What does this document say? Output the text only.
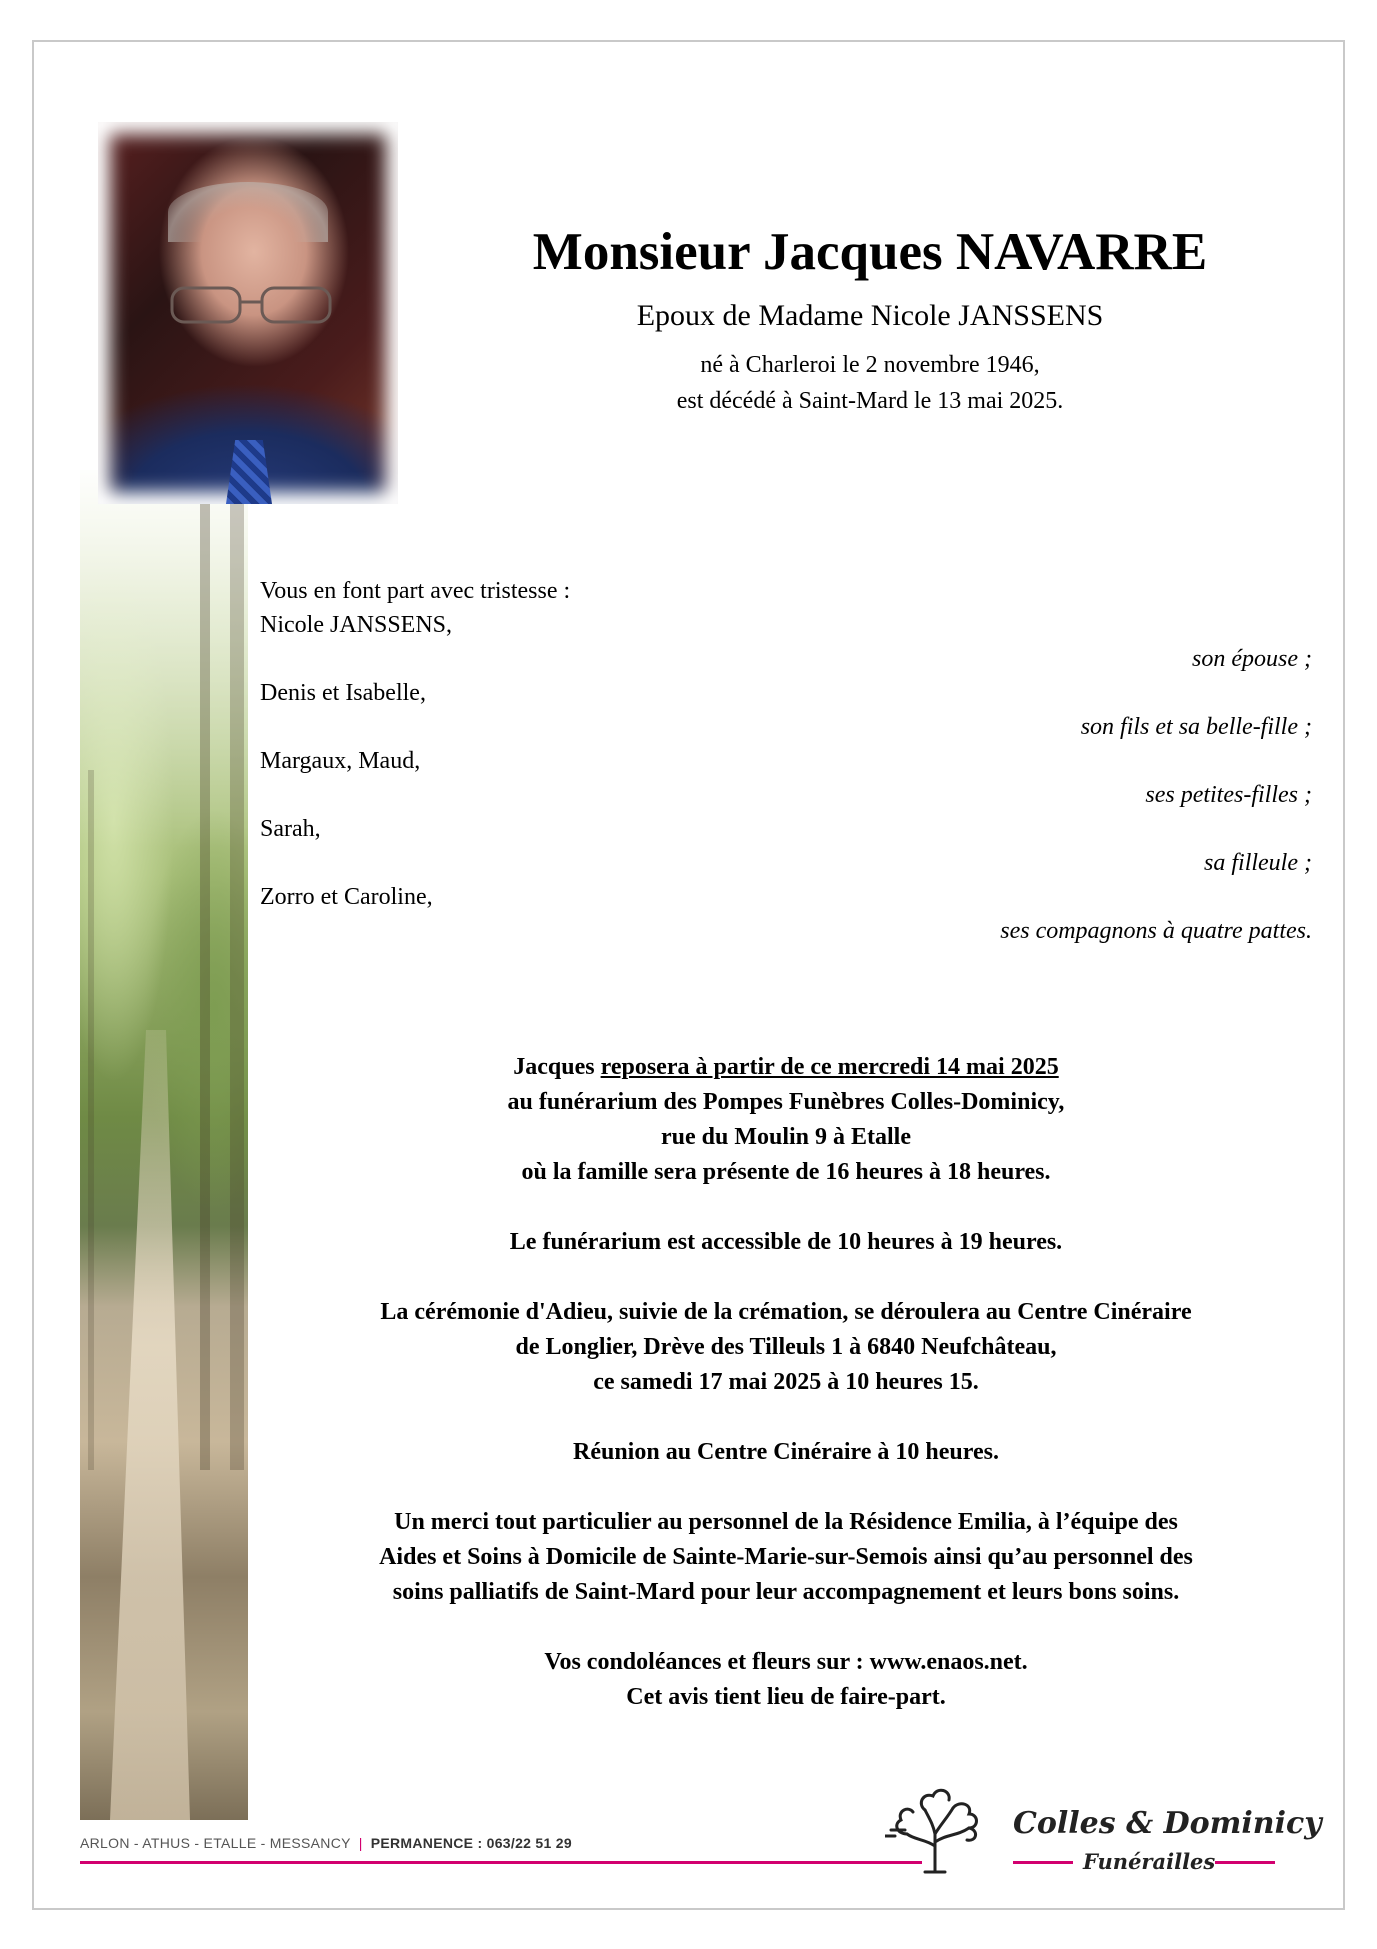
Monsieur Jacques NAVARRE
Epoux de Madame Nicole JANSSENS
né à Charleroi le 2 novembre 1946,
est décédé à Saint-Mard le 13 mai 2025.
Vous en font part avec tristesse :
Nicole JANSSENS,
son épouse ;
Denis et Isabelle,
son fils et sa belle-fille ;
Margaux, Maud,
ses petites-filles ;
Sarah,
sa filleule ;
Zorro et Caroline,
ses compagnons à quatre pattes.

Jacques reposera à partir de ce mercredi 14 mai 2025
au funérarium des Pompes Funèbres Colles-Dominicy,
rue du Moulin 9 à Etalle
où la famille sera présente de 16 heures à 18 heures.

Le funérarium est accessible de 10 heures à 19 heures.

La cérémonie d'Adieu, suivie de la crémation, se déroulera au Centre Cinéraire
de Longlier, Drève des Tilleuls 1 à 6840 Neufchâteau,
ce samedi 17 mai 2025 à 10 heures 15.

Réunion au Centre Cinéraire à 10 heures.

Un merci tout particulier au personnel de la Résidence Emilia, à l’équipe des
Aides et Soins à Domicile de Sainte-Marie-sur-Semois ainsi qu’au personnel des
soins palliatifs de Saint-Mard pour leur accompagnement et leurs bons soins.

Vos condoléances et fleurs sur : www.enaos.net.
Cet avis tient lieu de faire-part.

ARLON - ATHUS - ETALLE - MESSANCY | PERMANENCE : 063/22 51 29
Colles & Dominicy
Funérailles
